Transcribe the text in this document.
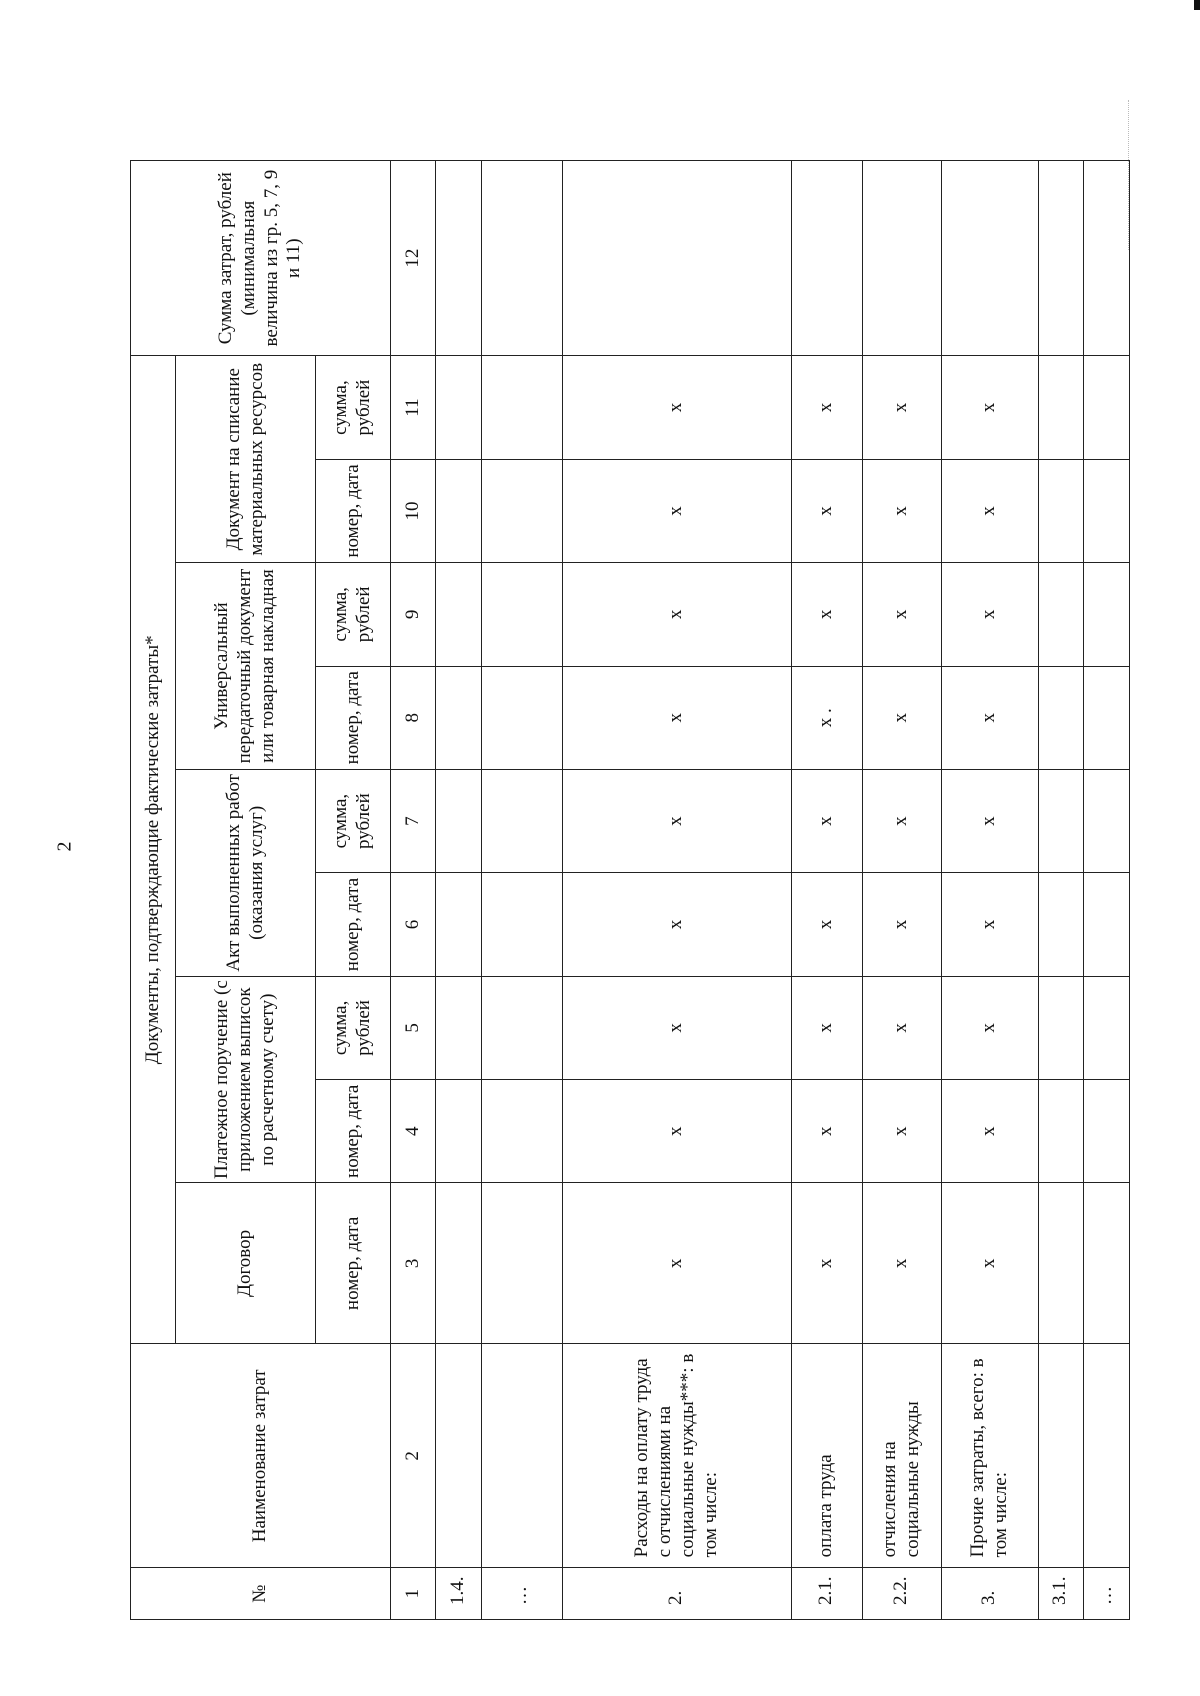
2
№	Наименование затрат	Документы, подтверждающие фактические затраты*									Сумма затрат, рублей (минимальная величина из гр. 5, 7, 9 и 11)
		Договор	Платежное поручение (с приложением выписок по расчетному счету)		Акт выполненных работ (оказания услуг)		Универсальный передаточный документ или товарная накладная		Документ на списание материальных ресурсов		
		номер, дата	номер, дата	сумма, рублей	номер, дата	сумма, рублей	номер, дата	сумма, рублей	номер, дата	сумма, рублей	
1	2	3	4	5	6	7	8	9	10	11	12
1.4.											
…											
2.	Расходы на оплату труда с отчислениями на социальные нужды***: в том числе:	х	х	х	х	х	х	х	х	х	
2.1.	оплата труда	х	х	х	х	х	х .	х	х	х	
2.2.	отчисления на социальные нужды	х	х	х	х	х	х	х	х	х	
3.	Прочие затраты, всего: в том числе:	х	х	х	х	х	х	х	х	х	
3.1.											
…											
